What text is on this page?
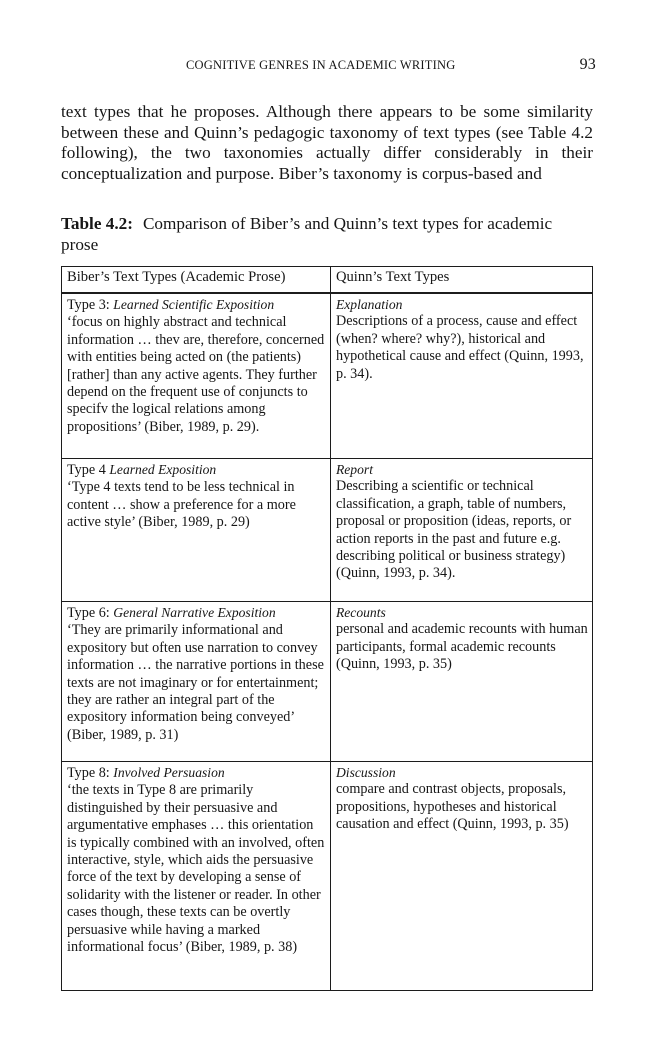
COGNITIVE GENRES IN ACADEMIC WRITING	93

text types that he proposes. Although there appears to be some similarity between these and Quinn’s pedagogic taxonomy of text types (see Table 4.2 following), the two taxonomies actually differ considerably in their conceptualization and purpose. Biber’s taxonomy is corpus-based and

Table 4.2: Comparison of Biber’s and Quinn’s text types for academic prose

Biber’s Text Types (Academic Prose)	Quinn’s Text Types

Type 3: Learned Scientific Exposition
‘focus on highly abstract and technical information … thev are, therefore, concerned with entities being acted on (the patients) [rather] than any active agents. They further depend on the frequent use of conjuncts to specifv the logical relations among propositions’ (Biber, 1989, p. 29).	Explanation
Descriptions of a process, cause and effect (when? where? why?), historical and hypothetical cause and effect (Quinn, 1993, p. 34).

Type 4 Learned Exposition
‘Type 4 texts tend to be less technical in content … show a preference for a more active style’ (Biber, 1989, p. 29)	Report
Describing a scientific or technical classification, a graph, table of numbers, proposal or proposition (ideas, reports, or action reports in the past and future e.g. describing political or business strategy) (Quinn, 1993, p. 34).

Type 6: General Narrative Exposition
‘They are primarily informational and expository but often use narration to convey information … the narrative portions in these texts are not imaginary or for entertainment; they are rather an integral part of the expository information being conveyed’ (Biber, 1989, p. 31)	Recounts
personal and academic recounts with human participants, formal academic recounts (Quinn, 1993, p. 35)

Type 8: Involved Persuasion
‘the texts in Type 8 are primarily distinguished by their persuasive and argumentative emphases … this orientation is typically combined with an involved, often interactive, style, which aids the persuasive force of the text by developing a sense of solidarity with the listener or reader. In other cases though, these texts can be overtly persuasive while having a marked informational focus’ (Biber, 1989, p. 38)	Discussion
compare and contrast objects, proposals, propositions, hypotheses and historical causation and effect (Quinn, 1993, p. 35)
